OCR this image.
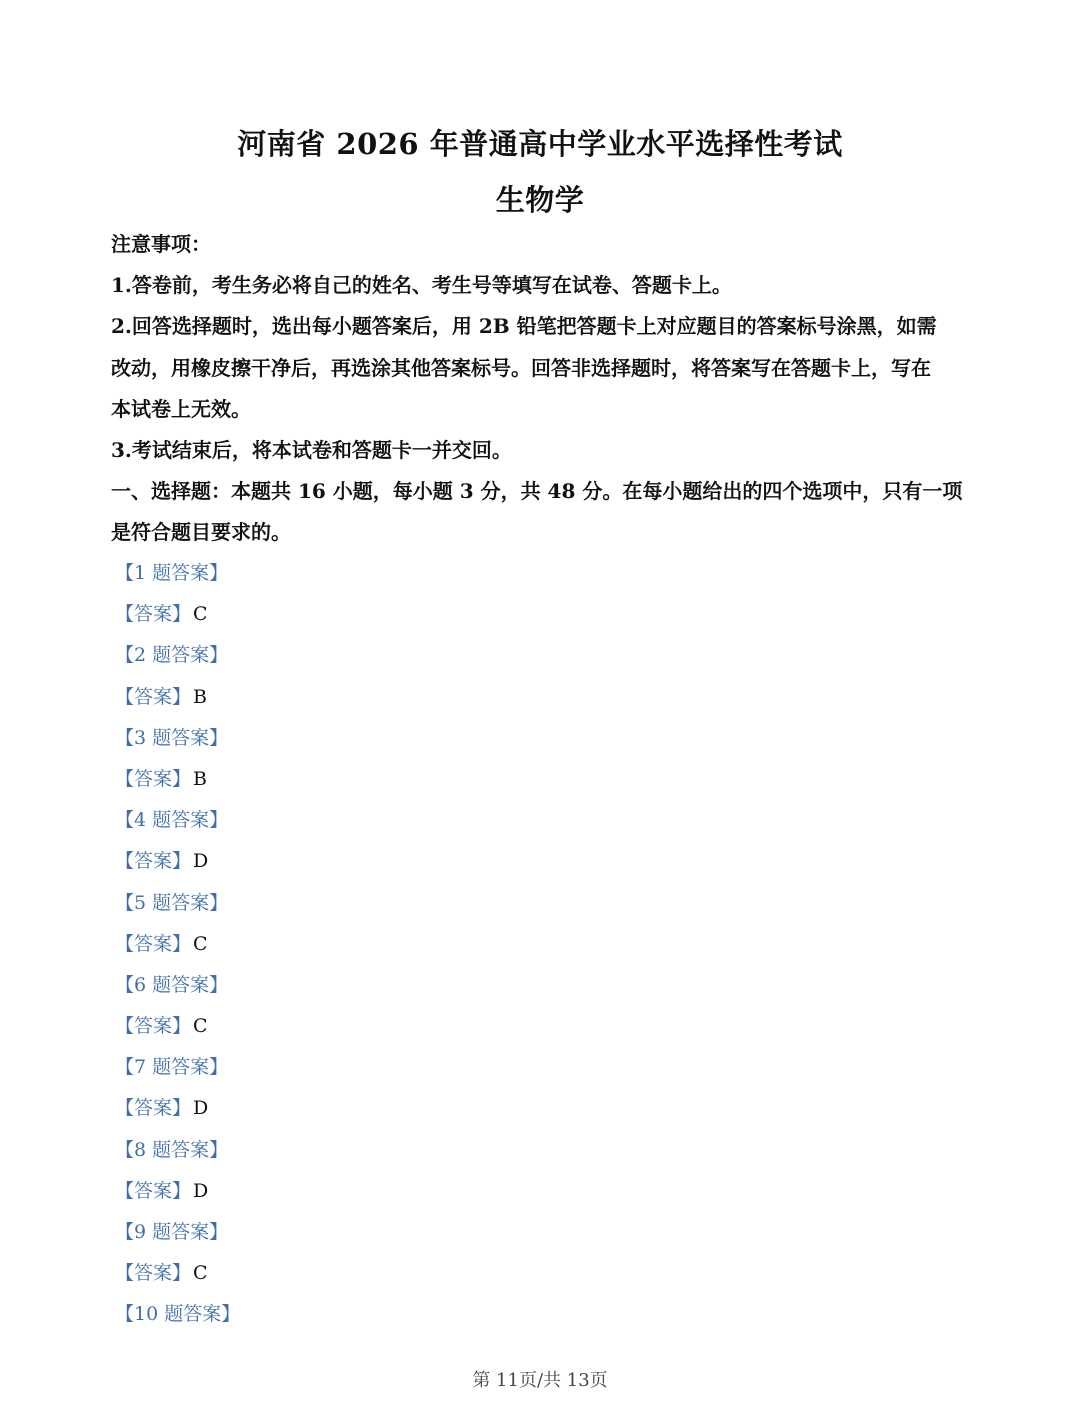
河南省 2026 年普通高中学业水平选择性考试
生物学
注意事项：
1.答卷前，考生务必将自己的姓名、考生号等填写在试卷、答题卡上。
2.回答选择题时，选出每小题答案后，用 2B 铅笔把答题卡上对应题目的答案标号涂黑，如需
改动，用橡皮擦干净后，再选涂其他答案标号。回答非选择题时，将答案写在答题卡上，写在
本试卷上无效。
3.考试结束后，将本试卷和答题卡一并交回。
一、选择题：本题共 16 小题，每小题 3 分，共 48 分。在每小题给出的四个选项中，只有一项
是符合题目要求的。
【1 题答案】
【答案】 C
【2 题答案】
【答案】 B
【3 题答案】
【答案】 B
【4 题答案】
【答案】 D
【5 题答案】
【答案】 C
【6 题答案】
【答案】 C
【7 题答案】
【答案】 D
【8 题答案】
【答案】 D
【9 题答案】
【答案】 C
【10 题答案】
第 11页/共 13页
